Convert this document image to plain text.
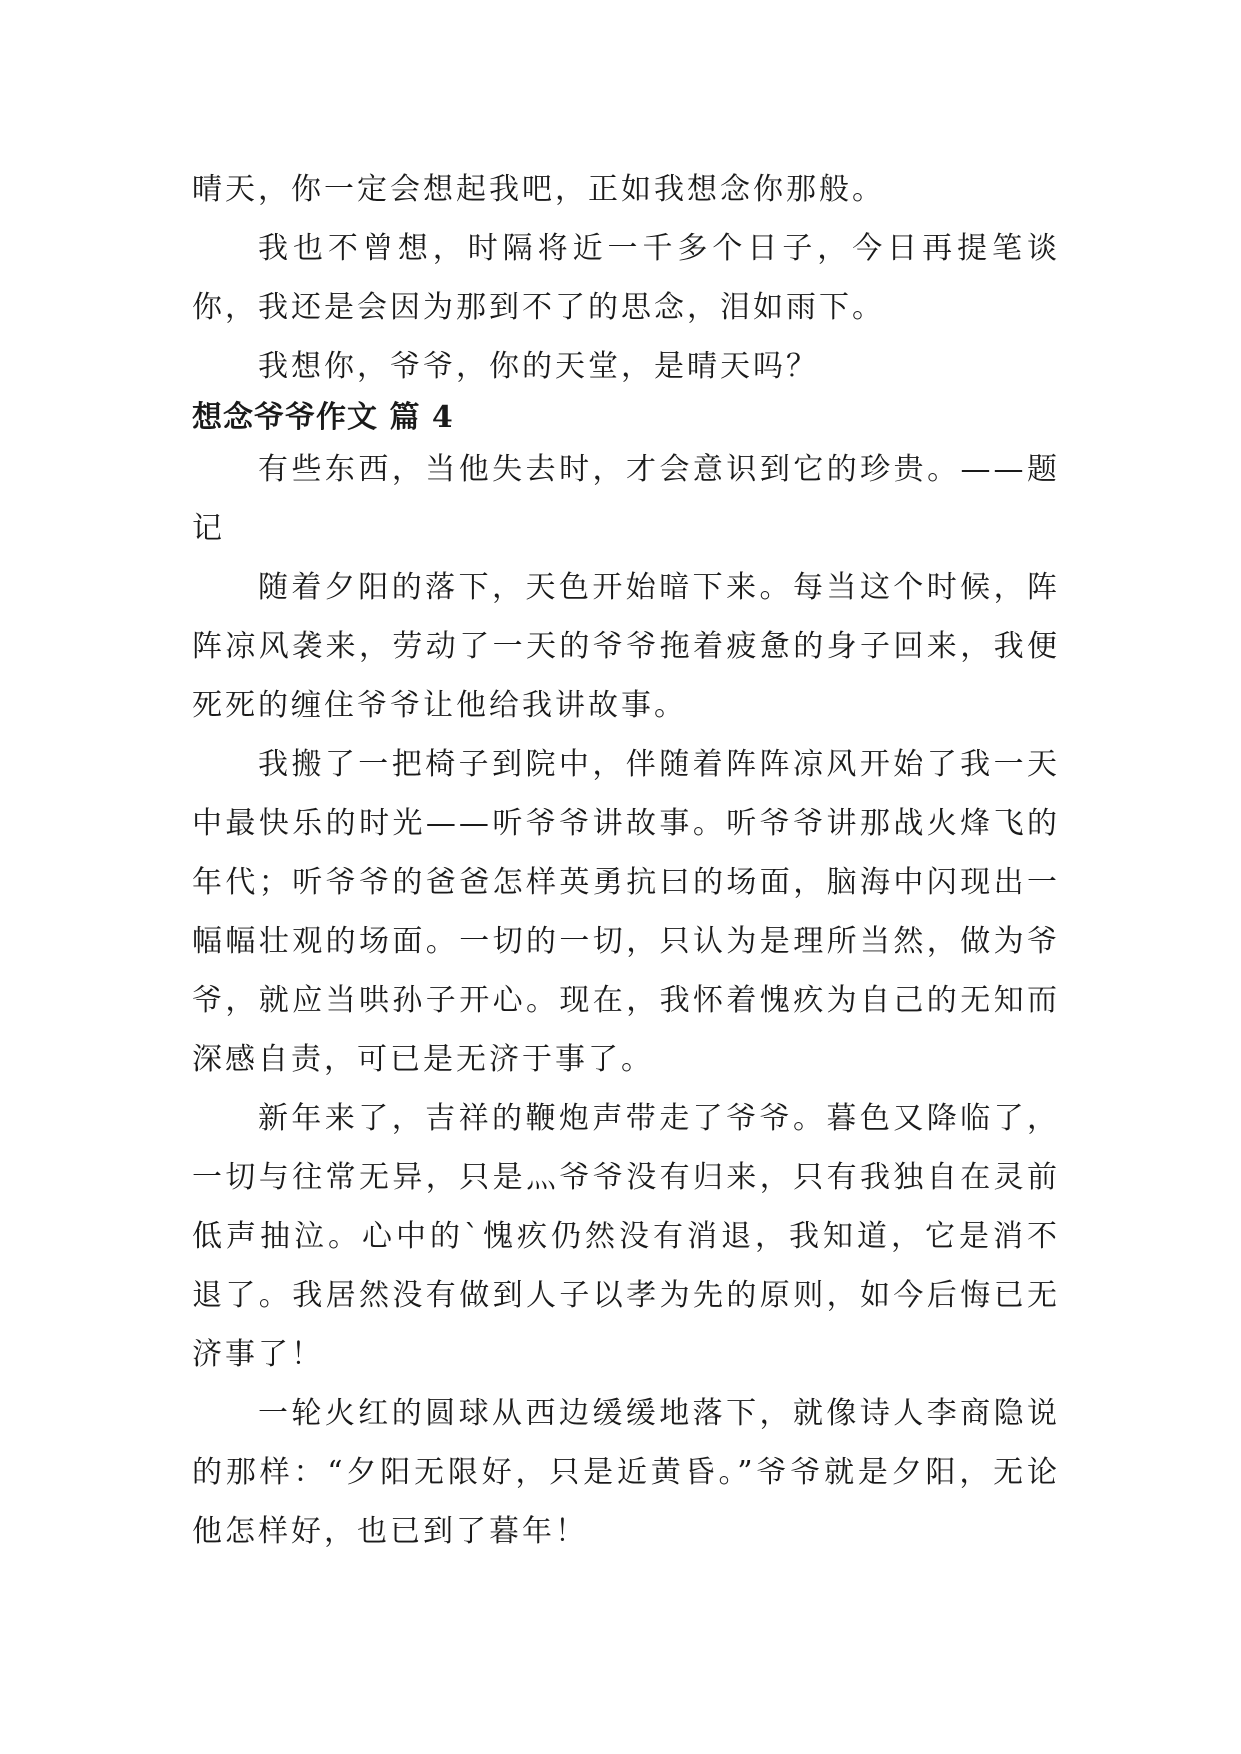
晴天，你一定会想起我吧，正如我想念你那般。

我也不曾想，时隔将近一千多个日子，今日再提笔谈你，我还是会因为那到不了的思念，泪如雨下。

我想你，爷爷，你的天堂，是晴天吗？

想念爷爷作文 篇 4

有些东西，当他失去时，才会意识到它的珍贵。——题记

随着夕阳的落下，天色开始暗下来。每当这个时候，阵阵凉风袭来，劳动了一天的爷爷拖着疲惫的身子回来，我便死死的缠住爷爷让他给我讲故事。

我搬了一把椅子到院中，伴随着阵阵凉风开始了我一天中最快乐的时光——听爷爷讲故事。听爷爷讲那战火烽飞的年代；听爷爷的爸爸怎样英勇抗曰的场面，脑海中闪现出一幅幅壮观的场面。一切的一切，只认为是理所当然，做为爷爷，就应当哄孙子开心。现在，我怀着愧疚为自己的无知而深感自责，可已是无济于事了。

新年来了，吉祥的鞭炮声带走了爷爷。暮色又降临了，一切与往常无异，只是灬爷爷没有归来，只有我独自在灵前低声抽泣。心中的`愧疚仍然没有消退，我知道，它是消不退了。我居然没有做到人子以孝为先的原则，如今后悔已无济事了！

一轮火红的圆球从西边缓缓地落下，就像诗人李商隐说的那样：“夕阳无限好，只是近黄昏。”爷爷就是夕阳，无论他怎样好，也已到了暮年！
